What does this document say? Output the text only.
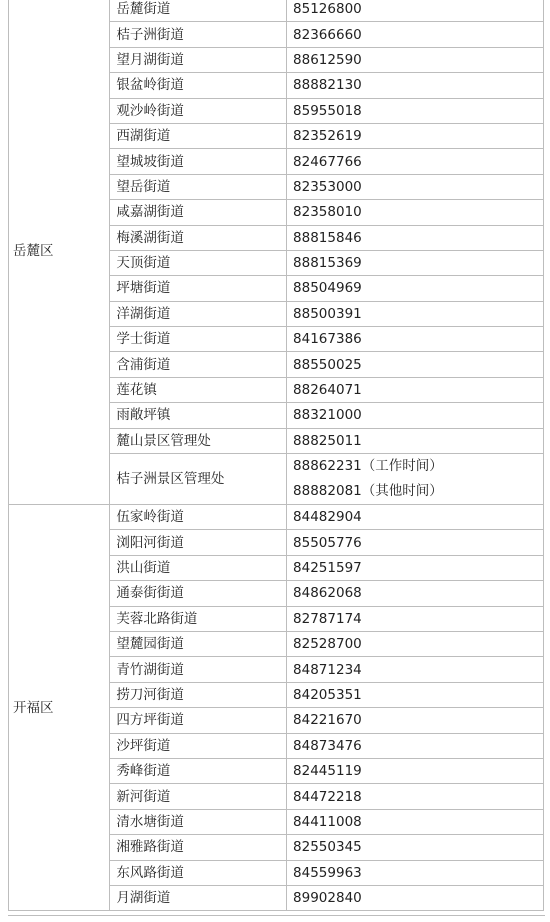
岳麓区	岳麓街道	85126800
	桔子洲街道	82366660
	望月湖街道	88612590
	银盆岭街道	88882130
	观沙岭街道	85955018
	西湖街道	82352619
	望城坡街道	82467766
	望岳街道	82353000
	咸嘉湖街道	82358010
	梅溪湖街道	88815846
	天顶街道	88815369
	坪塘街道	88504969
	洋湖街道	88500391
	学士街道	84167386
	含浦街道	88550025
	莲花镇	88264071
	雨敞坪镇	88321000
	麓山景区管理处	88825011
	桔子洲景区管理处	88862231（工作时间）
88882081（其他时间）

开福区	伍家岭街道	84482904
	浏阳河街道	85505776
	洪山街道	84251597
	通泰街街道	84862068
	芙蓉北路街道	82787174
	望麓园街道	82528700
	青竹湖街道	84871234
	捞刀河街道	84205351
	四方坪街道	84221670
	沙坪街道	84873476
	秀峰街道	82445119
	新河街道	84472218
	清水塘街道	84411008
	湘雅路街道	82550345
	东风路街道	84559963
	月湖街道	89902840
